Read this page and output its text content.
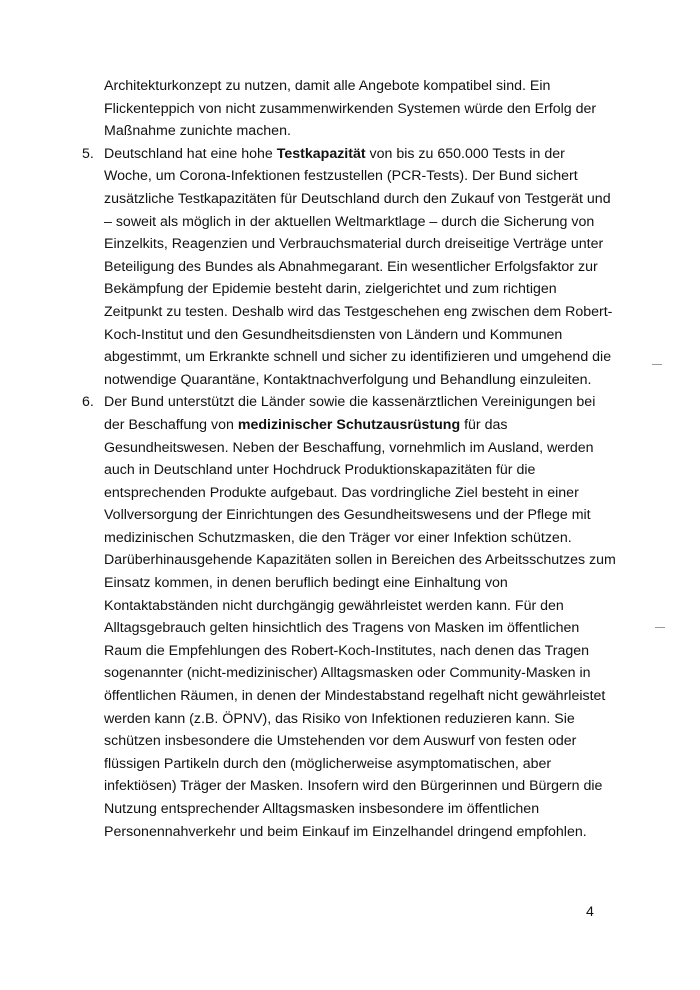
Architekturkonzept zu nutzen, damit alle Angebote kompatibel sind. Ein
Flickenteppich von nicht zusammenwirkenden Systemen würde den Erfolg der
Maßnahme zunichte machen.
5. Deutschland hat eine hohe Testkapazität von bis zu 650.000 Tests in der
Woche, um Corona-Infektionen festzustellen (PCR-Tests). Der Bund sichert
zusätzliche Testkapazitäten für Deutschland durch den Zukauf von Testgerät und
– soweit als möglich in der aktuellen Weltmarktlage – durch die Sicherung von
Einzelkits, Reagenzien und Verbrauchsmaterial durch dreiseitige Verträge unter
Beteiligung des Bundes als Abnahmegarant. Ein wesentlicher Erfolgsfaktor zur
Bekämpfung der Epidemie besteht darin, zielgerichtet und zum richtigen
Zeitpunkt zu testen. Deshalb wird das Testgeschehen eng zwischen dem Robert-
Koch-Institut und den Gesundheitsdiensten von Ländern und Kommunen
abgestimmt, um Erkrankte schnell und sicher zu identifizieren und umgehend die
notwendige Quarantäne, Kontaktnachverfolgung und Behandlung einzuleiten.
6. Der Bund unterstützt die Länder sowie die kassenärztlichen Vereinigungen bei
der Beschaffung von medizinischer Schutzausrüstung für das
Gesundheitswesen. Neben der Beschaffung, vornehmlich im Ausland, werden
auch in Deutschland unter Hochdruck Produktionskapazitäten für die
entsprechenden Produkte aufgebaut. Das vordringliche Ziel besteht in einer
Vollversorgung der Einrichtungen des Gesundheitswesens und der Pflege mit
medizinischen Schutzmasken, die den Träger vor einer Infektion schützen.
Darüberhinausgehende Kapazitäten sollen in Bereichen des Arbeitsschutzes zum
Einsatz kommen, in denen beruflich bedingt eine Einhaltung von
Kontaktabständen nicht durchgängig gewährleistet werden kann. Für den
Alltagsgebrauch gelten hinsichtlich des Tragens von Masken im öffentlichen
Raum die Empfehlungen des Robert-Koch-Institutes, nach denen das Tragen
sogenannter (nicht-medizinischer) Alltagsmasken oder Community-Masken in
öffentlichen Räumen, in denen der Mindestabstand regelhaft nicht gewährleistet
werden kann (z.B. ÖPNV), das Risiko von Infektionen reduzieren kann. Sie
schützen insbesondere die Umstehenden vor dem Auswurf von festen oder
flüssigen Partikeln durch den (möglicherweise asymptomatischen, aber
infektiösen) Träger der Masken. Insofern wird den Bürgerinnen und Bürgern die
Nutzung entsprechender Alltagsmasken insbesondere im öffentlichen
Personennahverkehr und beim Einkauf im Einzelhandel dringend empfohlen.
4
